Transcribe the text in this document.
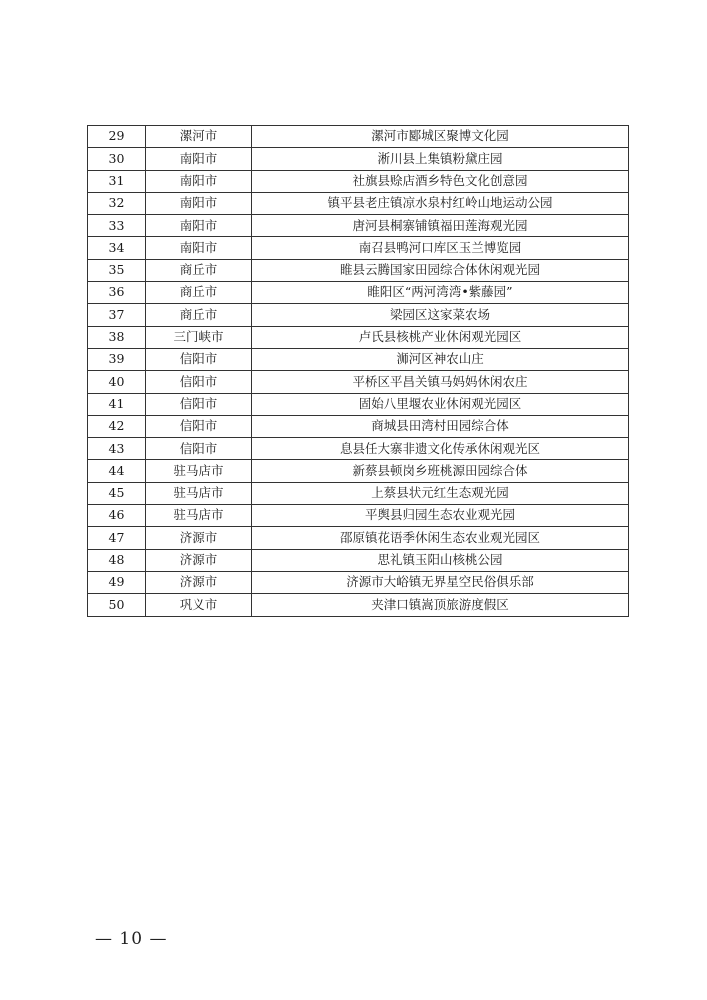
29	漯河市	漯河市郾城区聚博文化园
30	南阳市	淅川县上集镇粉黛庄园
31	南阳市	社旗县赊店酒乡特色文化创意园
32	南阳市	镇平县老庄镇凉水泉村红岭山地运动公园
33	南阳市	唐河县桐寨铺镇福田莲海观光园
34	南阳市	南召县鸭河口库区玉兰博览园
35	商丘市	睢县云腾国家田园综合体休闲观光园
36	商丘市	睢阳区“两河湾湾•紫藤园”
37	商丘市	梁园区这家菜农场
38	三门峡市	卢氏县核桃产业休闲观光园区
39	信阳市	浉河区神农山庄
40	信阳市	平桥区平昌关镇马妈妈休闲农庄
41	信阳市	固始八里堰农业休闲观光园区
42	信阳市	商城县田湾村田园综合体
43	信阳市	息县任大寨非遗文化传承休闲观光区
44	驻马店市	新蔡县顿岗乡班桃源田园综合体
45	驻马店市	上蔡县状元红生态观光园
46	驻马店市	平舆县归园生态农业观光园
47	济源市	邵原镇花语季休闲生态农业观光园区
48	济源市	思礼镇玉阳山核桃公园
49	济源市	济源市大峪镇无界星空民俗俱乐部
50	巩义市	夹津口镇嵩顶旅游度假区
— 10 —
